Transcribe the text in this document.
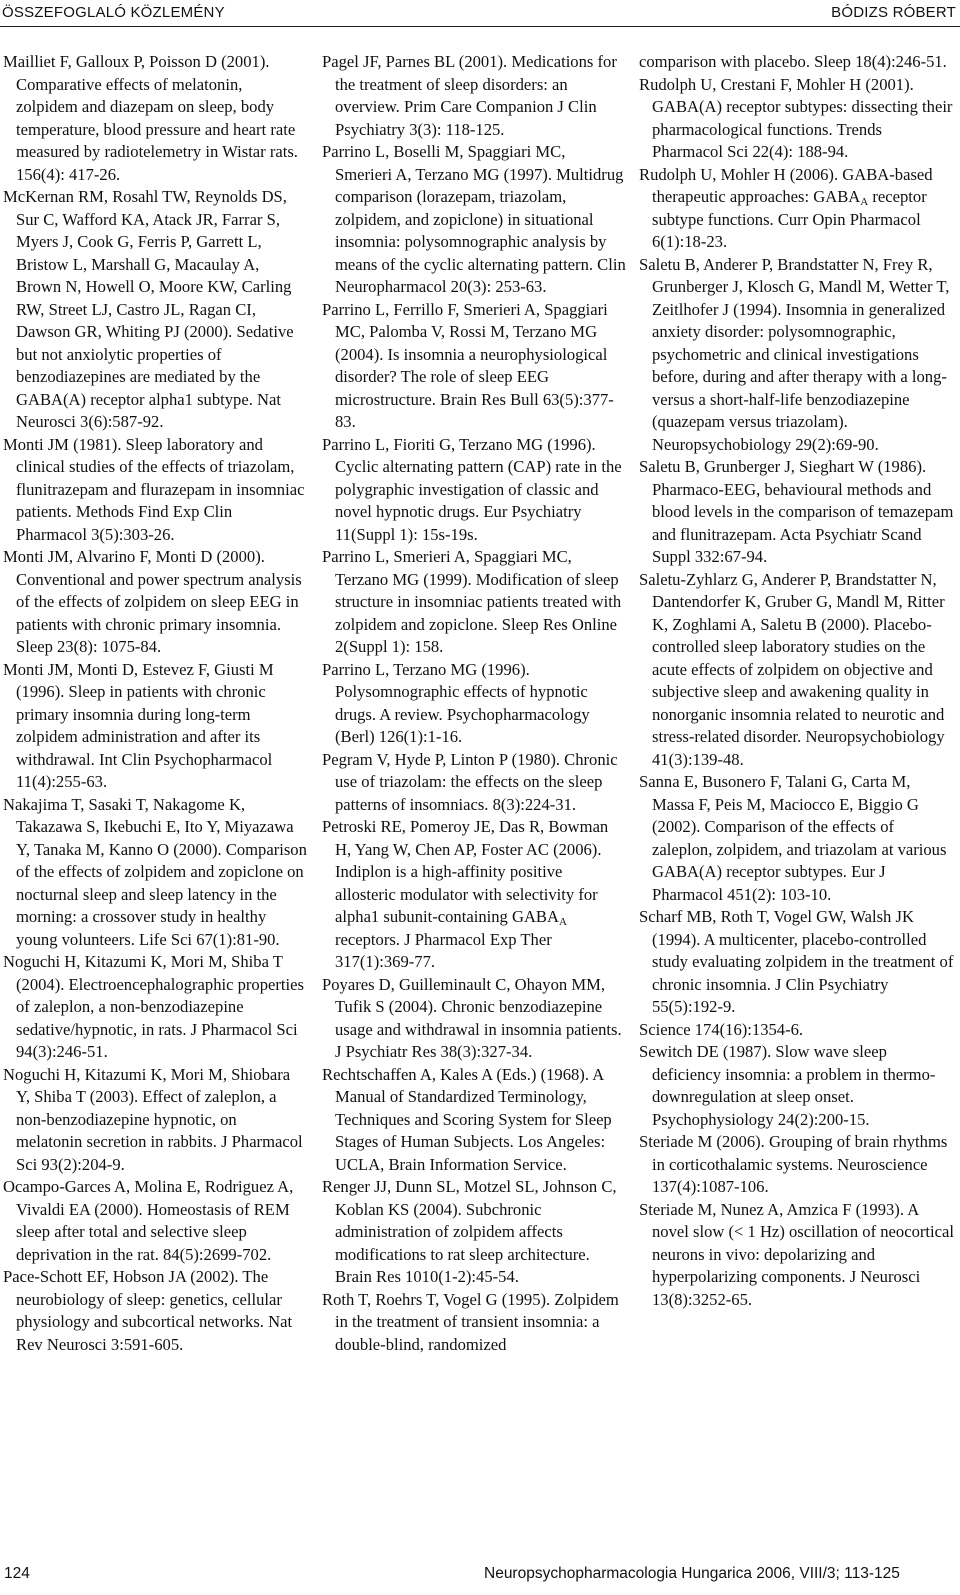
ÖSSZEFOGLALÓ KÖZLEMÉNY	BÓDIZS RÓBERT

Mailliet F, Galloux P, Poisson D (2001). Comparative effects of melatonin, zolpidem and diazepam on sleep, body temperature, blood pressure and heart rate measured by radiotelemetry in Wistar rats. 156(4): 417-26.

McKernan RM, Rosahl TW, Reynolds DS, Sur C, Wafford KA, Atack JR, Farrar S, Myers J, Cook G, Ferris P, Garrett L, Bristow L, Marshall G, Macaulay A, Brown N, Howell O, Moore KW, Carling RW, Street LJ, Castro JL, Ragan CI, Dawson GR, Whiting PJ (2000). Sedative but not anxiolytic properties of benzodiazepines are mediated by the GABA(A) receptor alpha1 subtype. Nat Neurosci 3(6):587-92.

Monti JM (1981). Sleep laboratory and clinical studies of the effects of triazolam, flunitrazepam and flurazepam in insomniac patients. Methods Find Exp Clin Pharmacol 3(5):303-26.

Monti JM, Alvarino F, Monti D (2000). Conventional and power spectrum analysis of the effects of zolpidem on sleep EEG in patients with chronic primary insomnia. Sleep 23(8): 1075-84.

Monti JM, Monti D, Estevez F, Giusti M (1996). Sleep in patients with chronic primary insomnia during long-term zolpidem administration and after its withdrawal. Int Clin Psychopharmacol 11(4):255-63.

Nakajima T, Sasaki T, Nakagome K, Takazawa S, Ikebuchi E, Ito Y, Miyazawa Y, Tanaka M, Kanno O (2000). Comparison of the effects of zolpidem and zopiclone on nocturnal sleep and sleep latency in the morning: a crossover study in healthy young volunteers. Life Sci 67(1):81-90.

Noguchi H, Kitazumi K, Mori M, Shiba T (2004). Electroencephalographic properties of zaleplon, a non-benzodiazepine sedative/hypnotic, in rats. J Pharmacol Sci 94(3):246-51.

Noguchi H, Kitazumi K, Mori M, Shiobara Y, Shiba T (2003). Effect of zaleplon, a non-benzodiazepine hypnotic, on melatonin secretion in rabbits. J Pharmacol Sci 93(2):204-9.

Ocampo-Garces A, Molina E, Rodriguez A, Vivaldi EA (2000). Homeostasis of REM sleep after total and selective sleep deprivation in the rat. 84(5):2699-702.

Pace-Schott EF, Hobson JA (2002). The neurobiology of sleep: genetics, cellular physiology and subcortical networks. Nat Rev Neurosci 3:591-605.

Pagel JF, Parnes BL (2001). Medications for the treatment of sleep disorders: an overview. Prim Care Companion J Clin Psychiatry 3(3): 118-125.

Parrino L, Boselli M, Spaggiari MC, Smerieri A, Terzano MG (1997). Multidrug comparison (lorazepam, triazolam, zolpidem, and zopiclone) in situational insomnia: polysomnographic analysis by means of the cyclic alternating pattern. Clin Neuropharmacol 20(3): 253-63.

Parrino L, Ferrillo F, Smerieri A, Spaggiari MC, Palomba V, Rossi M, Terzano MG (2004). Is insomnia a neurophysiological disorder? The role of sleep EEG microstructure. Brain Res Bull 63(5):377-83.

Parrino L, Fioriti G, Terzano MG (1996). Cyclic alternating pattern (CAP) rate in the polygraphic investigation of classic and novel hypnotic drugs. Eur Psychiatry 11(Suppl 1): 15s-19s.

Parrino L, Smerieri A, Spaggiari MC, Terzano MG (1999). Modification of sleep structure in insomniac patients treated with zolpidem and zopiclone. Sleep Res Online 2(Suppl 1): 158.

Parrino L, Terzano MG (1996). Polysomnographic effects of hypnotic drugs. A review. Psychopharmacology (Berl) 126(1):1-16.

Pegram V, Hyde P, Linton P (1980). Chronic use of triazolam: the effects on the sleep patterns of insomniacs. 8(3):224-31.

Petroski RE, Pomeroy JE, Das R, Bowman H, Yang W, Chen AP, Foster AC (2006). Indiplon is a high-affinity positive allosteric modulator with selectivity for alpha1 subunit-containing $GABA_A$ receptors. J Pharmacol Exp Ther 317(1):369-77.

Poyares D, Guilleminault C, Ohayon MM, Tufik S (2004). Chronic benzodiazepine usage and withdrawal in insomnia patients. J Psychiatr Res 38(3):327-34.

Rechtschaffen A, Kales A (Eds.) (1968). A Manual of Standardized Terminology, Techniques and Scoring System for Sleep Stages of Human Subjects. Los Angeles: UCLA, Brain Information Service.

Renger JJ, Dunn SL, Motzel SL, Johnson C, Koblan KS (2004). Subchronic administration of zolpidem affects modifications to rat sleep architecture. Brain Res 1010(1-2):45-54.

Roth T, Roehrs T, Vogel G (1995). Zolpidem in the treatment of transient insomnia: a double-blind, randomized

comparison with placebo. Sleep 18(4):246-51.

Rudolph U, Crestani F, Mohler H (2001). GABA(A) receptor subtypes: dissecting their pharmacological functions. Trends Pharmacol Sci 22(4): 188-94.

Rudolph U, Mohler H (2006). GABA-based therapeutic approaches: $GABA_A$ receptor subtype functions. Curr Opin Pharmacol 6(1):18-23.

Saletu B, Anderer P, Brandstatter N, Frey R, Grunberger J, Klosch G, Mandl M, Wetter T, Zeitlhofer J (1994). Insomnia in generalized anxiety disorder: polysomnographic, psychometric and clinical investigations before, during and after therapy with a long- versus a short-half-life benzodiazepine (quazepam versus triazolam). Neuropsychobiology 29(2):69-90.

Saletu B, Grunberger J, Sieghart W (1986). Pharmaco-EEG, behavioural methods and blood levels in the comparison of temazepam and flunitrazepam. Acta Psychiatr Scand Suppl 332:67-94.

Saletu-Zyhlarz G, Anderer P, Brandstatter N, Dantendorfer K, Gruber G, Mandl M, Ritter K, Zoghlami A, Saletu B (2000). Placebo-controlled sleep laboratory studies on the acute effects of zolpidem on objective and subjective sleep and awakening quality in nonorganic insomnia related to neurotic and stress-related disorder. Neuropsychobiology 41(3):139-48.

Sanna E, Busonero F, Talani G, Carta M, Massa F, Peis M, Maciocco E, Biggio G (2002). Comparison of the effects of zaleplon, zolpidem, and triazolam at various GABA(A) receptor subtypes. Eur J Pharmacol 451(2): 103-10.

Scharf MB, Roth T, Vogel GW, Walsh JK (1994). A multicenter, placebo-controlled study evaluating zolpidem in the treatment of chronic insomnia. J Clin Psychiatry 55(5):192-9.

Science 174(16):1354-6.

Sewitch DE (1987). Slow wave sleep deficiency insomnia: a problem in thermo-downregulation at sleep onset. Psychophysiology 24(2):200-15.

Steriade M (2006). Grouping of brain rhythms in corticothalamic systems. Neuroscience 137(4):1087-106.

Steriade M, Nunez A, Amzica F (1993). A novel slow (< 1 Hz) oscillation of neocortical neurons in vivo: depolarizing and hyperpolarizing components. J Neurosci 13(8):3252-65.

124	Neuropsychopharmacologia Hungarica 2006, VIII/3; 113-125
